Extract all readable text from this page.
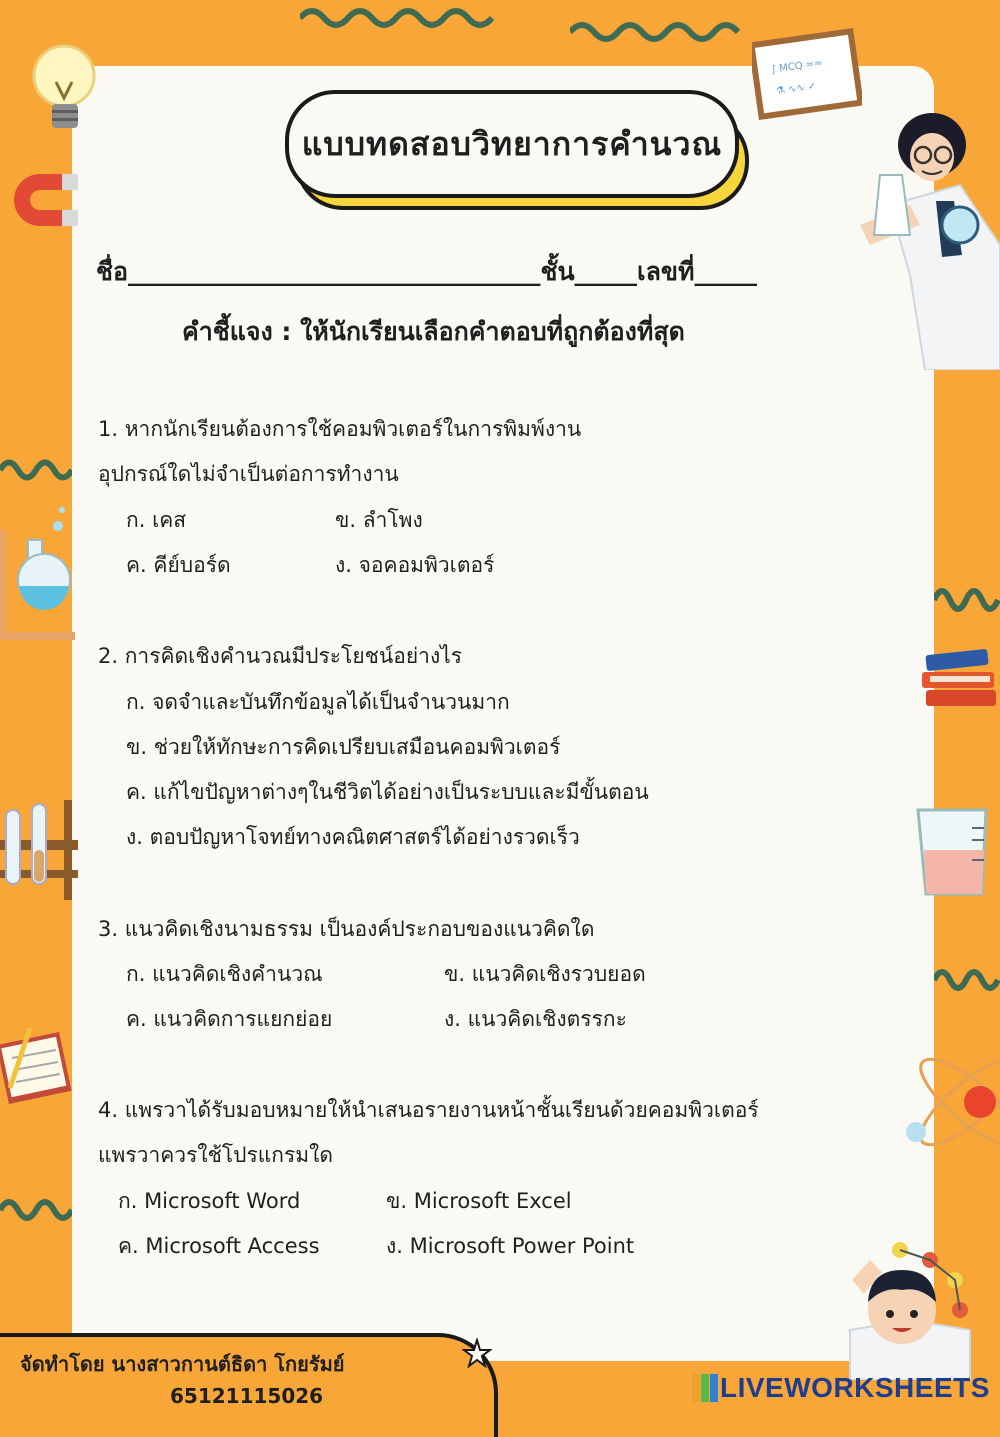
∫ MCQ ≈≈
⚗ ∿∿ ✓
แบบทดสอบวิทยาการคำนวณ
ชื่อ_________________________________ชั้น_____เลขที่_____
คำชี้แจง : ให้นักเรียนเลือกคำตอบที่ถูกต้องที่สุด
1. หากนักเรียนต้องการใช้คอมพิวเตอร์ในการพิมพ์งาน
อุปกรณ์ใดไม่จำเป็นต่อการทำงาน
ก. เคส	ข. ลำโพง
ค. คีย์บอร์ด	ง. จอคอมพิวเตอร์
2. การคิดเชิงคำนวณมีประโยชน์อย่างไร
ก. จดจำและบันทึกข้อมูลได้เป็นจำนวนมาก
ข. ช่วยให้ทักษะการคิดเปรียบเสมือนคอมพิวเตอร์
ค. แก้ไขปัญหาต่างๆในชีวิตได้อย่างเป็นระบบและมีขั้นตอน
ง. ตอบปัญหาโจทย์ทางคณิตศาสตร์ได้อย่างรวดเร็ว
3. แนวคิดเชิงนามธรรม เป็นองค์ประกอบของแนวคิดใด
ก. แนวคิดเชิงคำนวณ	ข. แนวคิดเชิงรวบยอด
ค. แนวคิดการแยกย่อย	ง. แนวคิดเชิงตรรกะ
4. แพรวาได้รับมอบหมายให้นำเสนอรายงานหน้าชั้นเรียนด้วยคอมพิวเตอร์
แพรวาควรใช้โปรแกรมใด
ก. Microsoft Word	ข. Microsoft Excel
ค. Microsoft Access	ง. Microsoft Power Point
จัดทำโดย นางสาวกานต์ธิดา โกยรัมย์
65121115026	LIVEWORKSHEETS
